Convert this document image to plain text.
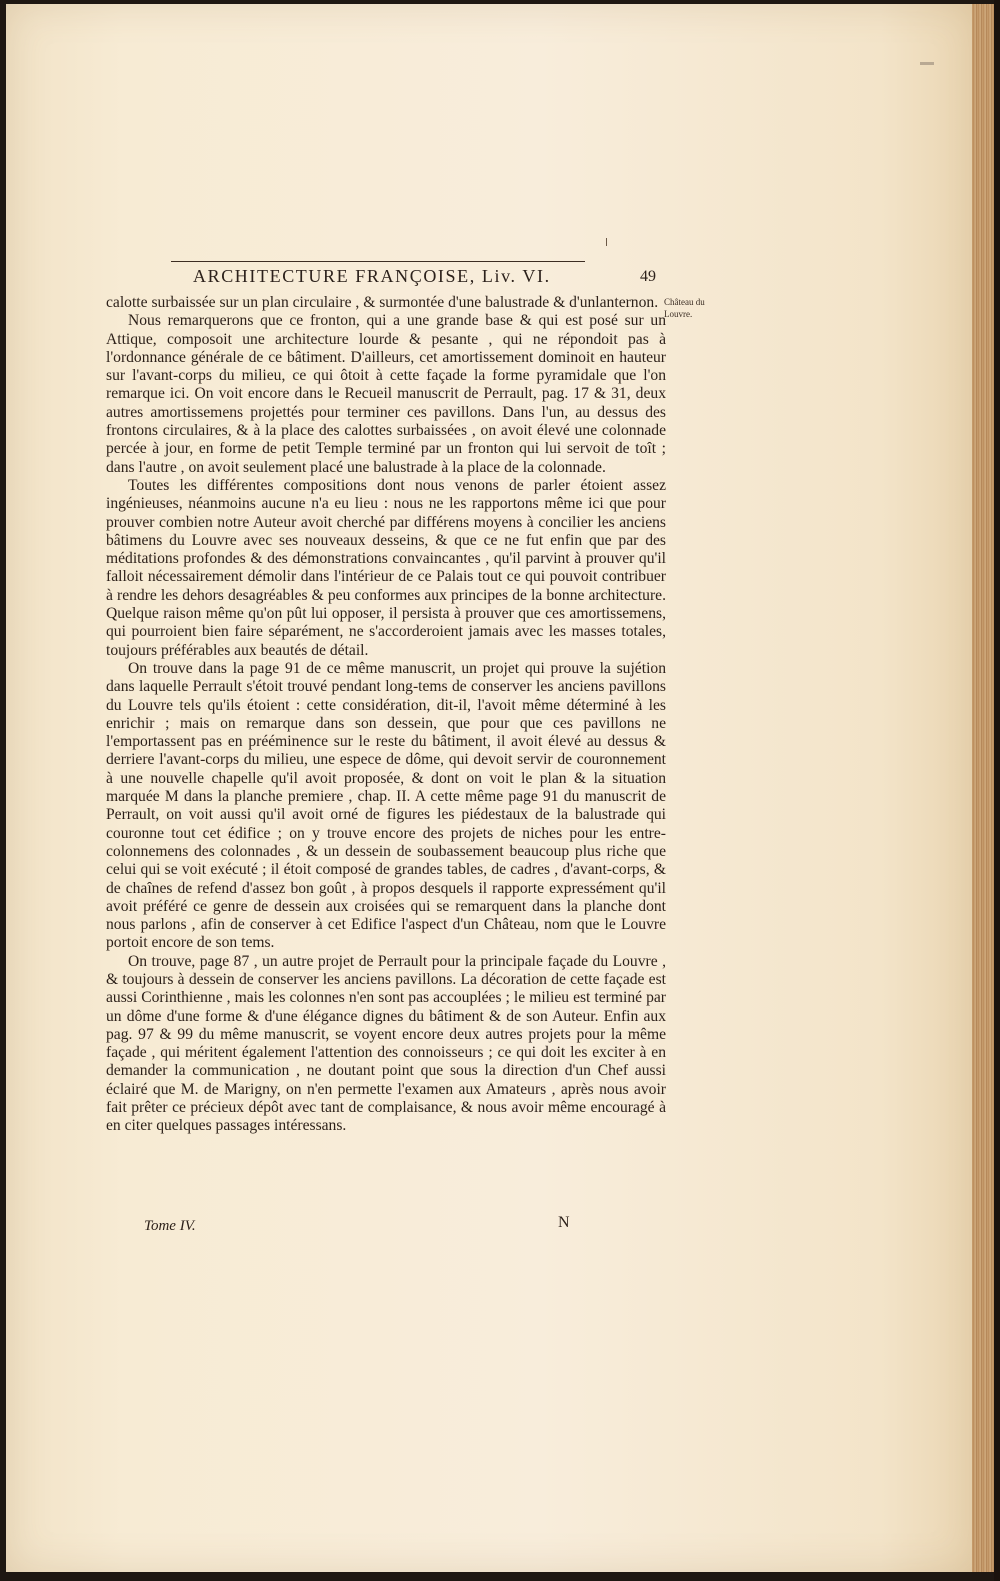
ARCHITECTURE FRANÇOISE, Liv. VI.	49
Château du
Louvre.

calotte surbaissée sur un plan circulaire , & surmontée d'une balustrade & d'unlanternon.

Nous remarquerons que ce fronton, qui a une grande base & qui est posé sur un Attique, composoit une architecture lourde & pesante , qui ne répondoit pas à l'ordonnance générale de ce bâtiment. D'ailleurs, cet amortissement dominoit en hauteur sur l'avant-corps du milieu, ce qui ôtoit à cette façade la forme pyramidale que l'on remarque ici. On voit encore dans le Recueil manuscrit de Perrault, pag. 17 & 31, deux autres amortissemens projettés pour terminer ces pavillons. Dans l'un, au dessus des frontons circulaires, & à la place des calottes surbaissées , on avoit élevé une colonnade percée à jour, en forme de petit Temple terminé par un fronton qui lui servoit de toît ; dans l'autre , on avoit seulement placé une balustrade à la place de la colonnade.

Toutes les différentes compositions dont nous venons de parler étoient assez ingénieuses, néanmoins aucune n'a eu lieu : nous ne les rapportons même ici que pour prouver combien notre Auteur avoit cherché par différens moyens à concilier les anciens bâtimens du Louvre avec ses nouveaux desseins, & que ce ne fut enfin que par des méditations profondes & des démonstrations convaincantes , qu'il parvint à prouver qu'il falloit nécessairement démolir dans l'intérieur de ce Palais tout ce qui pouvoit contribuer à rendre les dehors desagréables & peu conformes aux principes de la bonne architecture. Quelque raison même qu'on pût lui opposer, il persista à prouver que ces amortissemens, qui pourroient bien faire séparément, ne s'accorderoient jamais avec les masses totales, toujours préférables aux beautés de détail.

On trouve dans la page 91 de ce même manuscrit, un projet qui prouve la sujétion dans laquelle Perrault s'étoit trouvé pendant long-tems de conserver les anciens pavillons du Louvre tels qu'ils étoient : cette considération, dit-il, l'avoit même déterminé à les enrichir ; mais on remarque dans son dessein, que pour que ces pavillons ne l'emportassent pas en prééminence sur le reste du bâtiment, il avoit élevé au dessus & derriere l'avant-corps du milieu, une espece de dôme, qui devoit servir de couronnement à une nouvelle chapelle qu'il avoit proposée, & dont on voit le plan & la situation marquée M dans la planche premiere , chap. II. A cette même page 91 du manuscrit de Perrault, on voit aussi qu'il avoit orné de figures les piédestaux de la balustrade qui couronne tout cet édifice ; on y trouve encore des projets de niches pour les entre-colonnemens des colonnades , & un dessein de soubassement beaucoup plus riche que celui qui se voit exécuté ; il étoit composé de grandes tables, de cadres , d'avant-corps, & de chaînes de refend d'assez bon goût , à propos desquels il rapporte expressément qu'il avoit préféré ce genre de dessein aux croisées qui se remarquent dans la planche dont nous parlons , afin de conserver à cet Edifice l'aspect d'un Château, nom que le Louvre portoit encore de son tems.

On trouve, page 87 , un autre projet de Perrault pour la principale façade du Louvre , & toujours à dessein de conserver les anciens pavillons. La décoration de cette façade est aussi Corinthienne , mais les colonnes n'en sont pas accouplées ; le milieu est terminé par un dôme d'une forme & d'une élégance dignes du bâtiment & de son Auteur. Enfin aux pag. 97 & 99 du même manuscrit, se voyent encore deux autres projets pour la même façade , qui méritent également l'attention des connoisseurs ; ce qui doit les exciter à en demander la communication , ne doutant point que sous la direction d'un Chef aussi éclairé que M. de Marigny, on n'en permette l'examen aux Amateurs , après nous avoir fait prêter ce précieux dépôt avec tant de complaisance, & nous avoir même encouragé à en citer quelques passages intéressans.

Tome IV.	N
